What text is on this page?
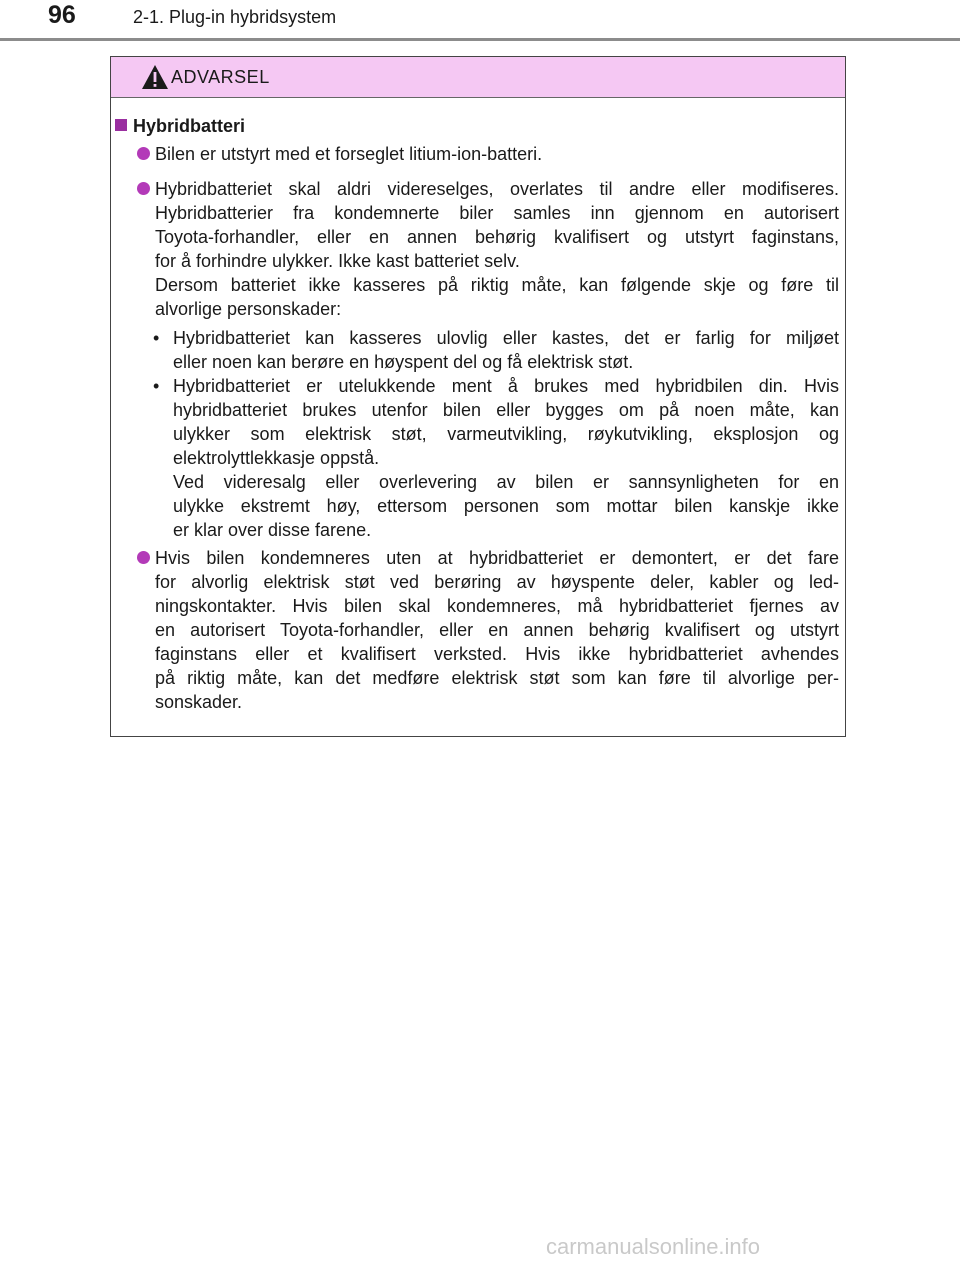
96	2-1. Plug-in hybridsystem
ADVARSEL
Hybridbatteri
Bilen er utstyrt med et forseglet litium-ion-batteri.
Hybridbatteriet skal aldri videreselges, overlates til andre eller modifiseres.
Hybridbatterier fra kondemnerte biler samles inn gjennom en autorisert
Toyota-forhandler, eller en annen behørig kvalifisert og utstyrt faginstans,
for å forhindre ulykker. Ikke kast batteriet selv.
Dersom batteriet ikke kasseres på riktig måte, kan følgende skje og føre til
alvorlige personskader:
• Hybridbatteriet kan kasseres ulovlig eller kastes, det er farlig for miljøet
eller noen kan berøre en høyspent del og få elektrisk støt.
• Hybridbatteriet er utelukkende ment å brukes med hybridbilen din. Hvis
hybridbatteriet brukes utenfor bilen eller bygges om på noen måte, kan
ulykker som elektrisk støt, varmeutvikling, røykutvikling, eksplosjon og
elektrolyttlekkasje oppstå.
Ved videresalg eller overlevering av bilen er sannsynligheten for en
ulykke ekstremt høy, ettersom personen som mottar bilen kanskje ikke
er klar over disse farene.
Hvis bilen kondemneres uten at hybridbatteriet er demontert, er det fare
for alvorlig elektrisk støt ved berøring av høyspente deler, kabler og led-
ningskontakter. Hvis bilen skal kondemneres, må hybridbatteriet fjernes av
en autorisert Toyota-forhandler, eller en annen behørig kvalifisert og utstyrt
faginstans eller et kvalifisert verksted. Hvis ikke hybridbatteriet avhendes
på riktig måte, kan det medføre elektrisk støt som kan føre til alvorlige per-
sonskader.
carmanualsonline.info
